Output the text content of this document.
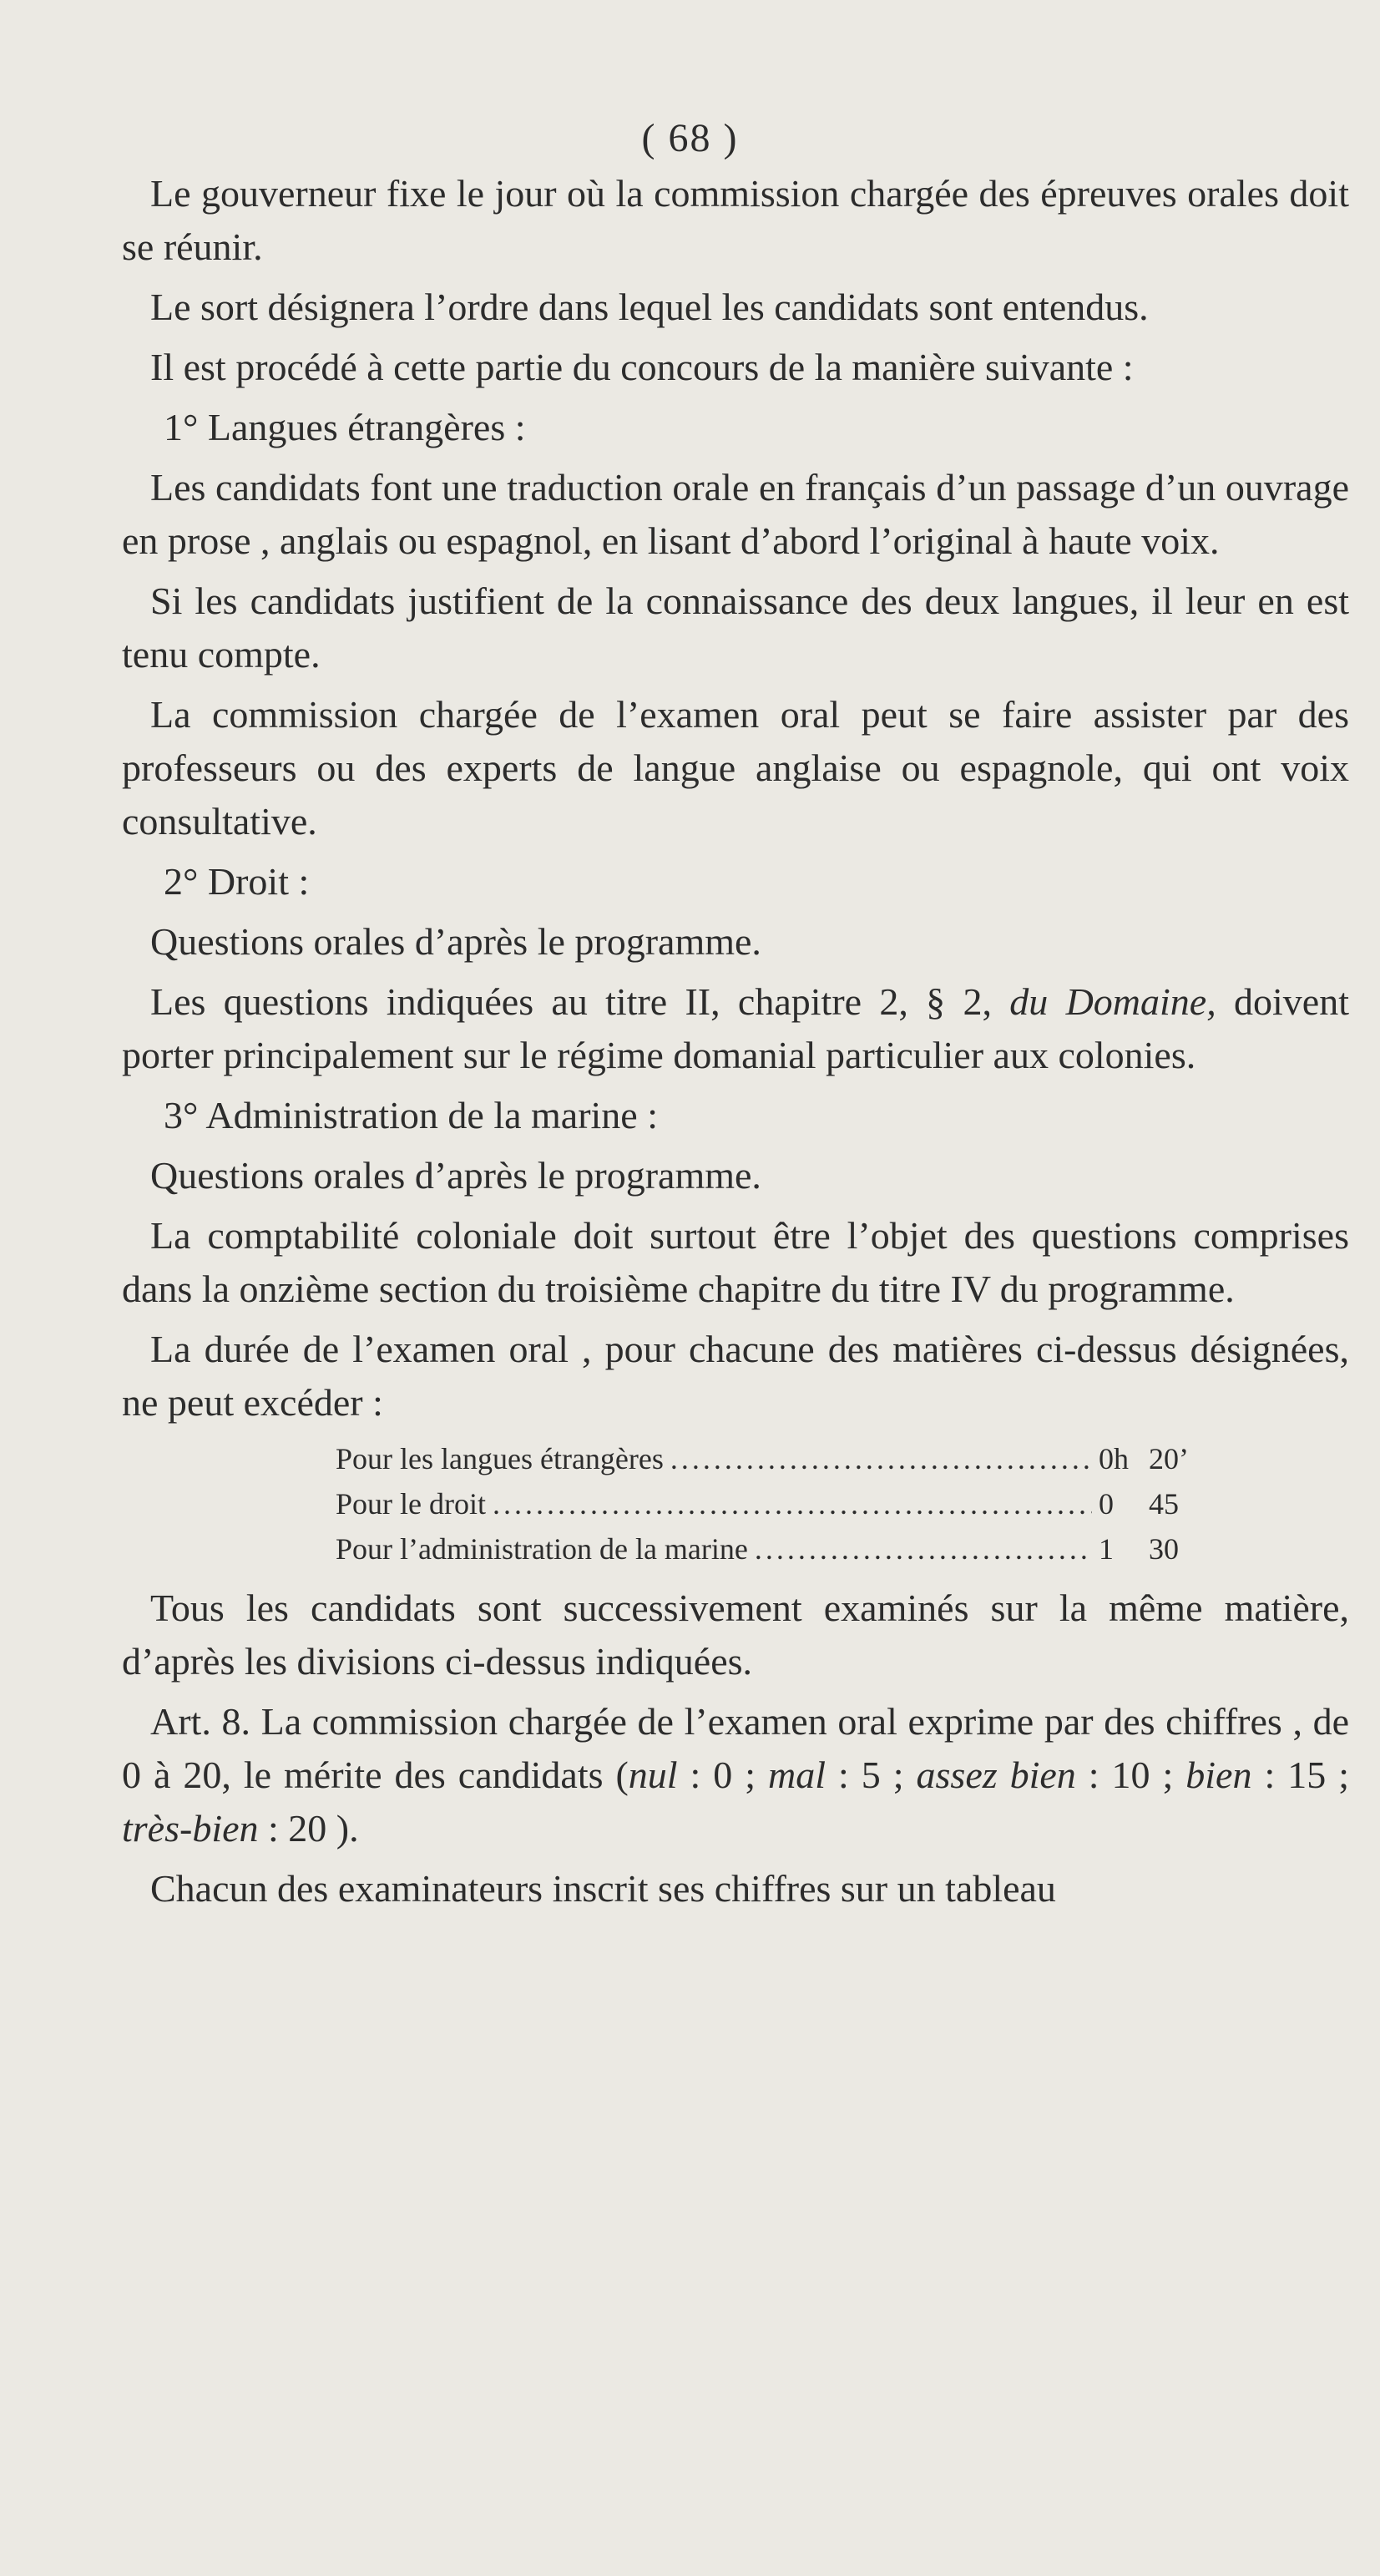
( 68 )

Le gouverneur fixe le jour où la commission chargée des épreuves orales doit se réunir.

Le sort désignera l’ordre dans lequel les candidats sont entendus.

Il est procédé à cette partie du concours de la manière suivante :

1° Langues étrangères :

Les candidats font une traduction orale en français d’un passage d’un ouvrage en prose , anglais ou espagnol, en lisant d’abord l’original à haute voix.

Si les candidats justifient de la connaissance des deux langues, il leur en est tenu compte.

La commission chargée de l’examen oral peut se faire assister par des professeurs ou des experts de langue anglaise ou espagnole, qui ont voix consultative.

2° Droit :

Questions orales d’après le programme.

Les questions indiquées au titre II, chapitre 2, § 2, du Domaine, doivent porter principalement sur le régime domanial particulier aux colonies.

3° Administration de la marine :

Questions orales d’après le programme.

La comptabilité coloniale doit surtout être l’objet des questions comprises dans la onzième section du troisième chapitre du titre IV du programme.

La durée de l’examen oral , pour chacune des matières ci-dessus désignées, ne peut excéder :

Pour les langues étrangères .....	0h 20’
Pour le droit .....	0	45
Pour l’administration de la marine .....	1	30

Tous les candidats sont successivement examinés sur la même matière, d’après les divisions ci-dessus indiquées.

Art. 8. La commission chargée de l’examen oral exprime par des chiffres , de 0 à 20, le mérite des candidats (nul : 0 ; mal : 5 ; assez bien : 10 ; bien : 15 ; très-bien : 20 ).

Chacun des examinateurs inscrit ses chiffres sur un tableau
